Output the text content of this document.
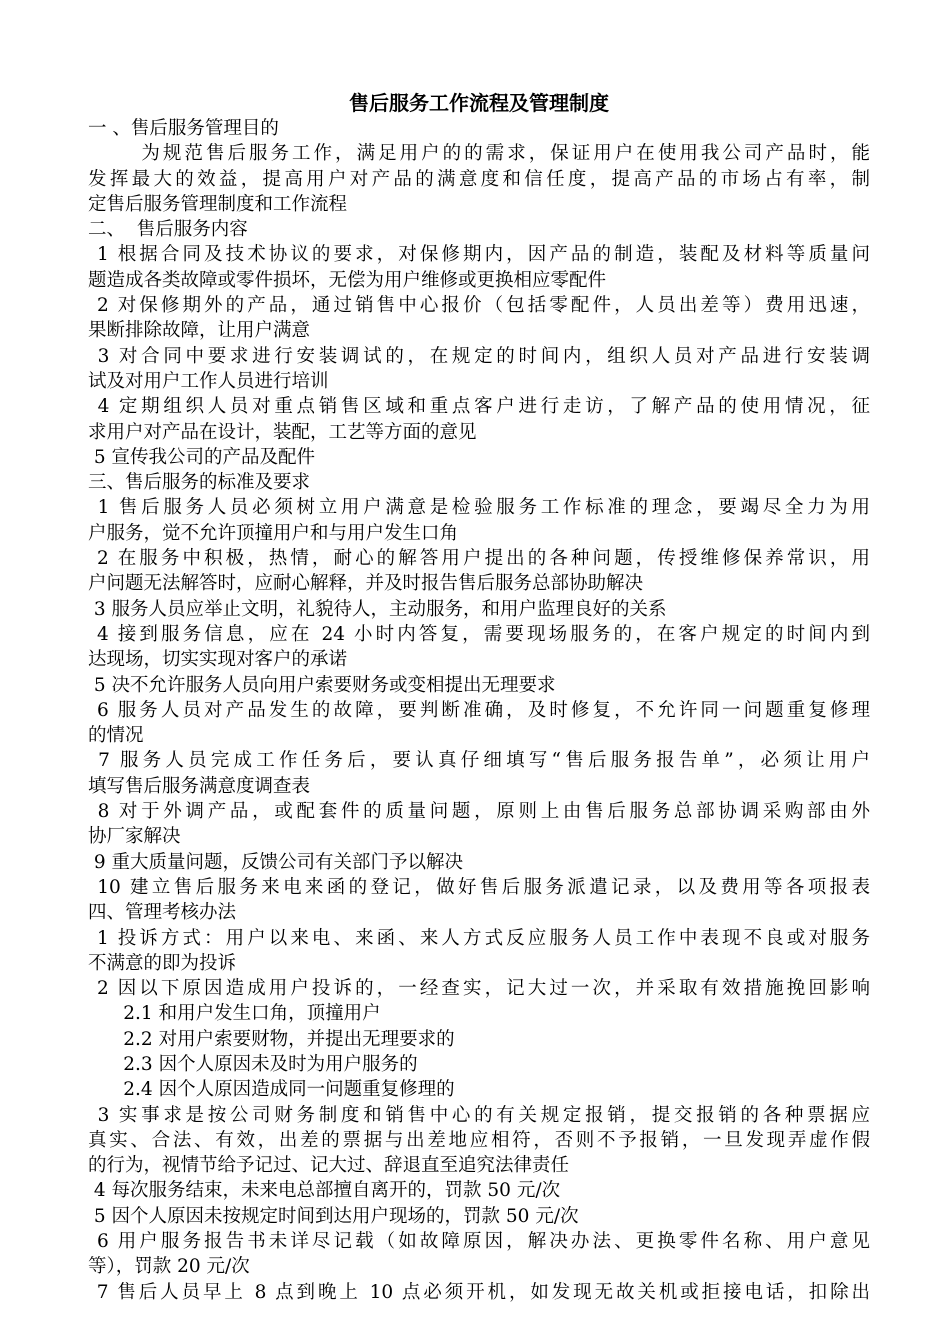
售后服务工作流程及管理制度
一 、售后服务管理目的
为规范售后服务工作，满足用户的的需求，保证用户在使用我公司产品时，能
发挥最大的效益，提高用户对产品的满意度和信任度，提高产品的市场占有率，制
定售后服务管理制度和工作流程
二、  售后服务内容
1 根据合同及技术协议的要求，对保修期内，因产品的制造，装配及材料等质量问
题造成各类故障或零件损坏，无偿为用户维修或更换相应零配件
2 对保修期外的产品，通过销售中心报价（包括零配件，人员出差等）费用迅速，
果断排除故障，让用户满意
3 对合同中要求进行安装调试的，在规定的时间内，组织人员对产品进行安装调
试及对用户工作人员进行培训
4 定期组织人员对重点销售区域和重点客户进行走访，了解产品的使用情况，征
求用户对产品在设计，装配，工艺等方面的意见
5 宣传我公司的产品及配件
三、售后服务的标准及要求
1 售后服务人员必须树立用户满意是检验服务工作标准的理念，要竭尽全力为用
户服务，觉不允许顶撞用户和与用户发生口角
2 在服务中积极，热情，耐心的解答用户提出的各种问题，传授维修保养常识，用
户问题无法解答时，应耐心解释，并及时报告售后服务总部协助解决
3 服务人员应举止文明，礼貌待人，主动服务，和用户监理良好的关系
4 接到服务信息，应在 24 小时内答复，需要现场服务的，在客户规定的时间内到
达现场，切实实现对客户的承诺
5 决不允许服务人员向用户索要财务或变相提出无理要求
6 服务人员对产品发生的故障，要判断准确，及时修复，不允许同一问题重复修理
的情况
7 服务人员完成工作任务后，要认真仔细填写“售后服务报告单”，必须让用户
填写售后服务满意度调查表
8 对于外调产品，或配套件的质量问题，原则上由售后服务总部协调采购部由外
协厂家解决
9 重大质量问题，反馈公司有关部门予以解决
10 建立售后服务来电来函的登记，做好售后服务派遣记录，以及费用等各项报表
四、管理考核办法
1 投诉方式：用户以来电、来函、来人方式反应服务人员工作中表现不良或对服务
不满意的即为投诉
2 因以下原因造成用户投诉的，一经查实，记大过一次，并采取有效措施挽回影响
2.1 和用户发生口角，顶撞用户
2.2 对用户索要财物，并提出无理要求的
2.3 因个人原因未及时为用户服务的
2.4 因个人原因造成同一问题重复修理的
3 实事求是按公司财务制度和销售中心的有关规定报销，提交报销的各种票据应
真实、合法、有效，出差的票据与出差地应相符，否则不予报销，一旦发现弄虚作假
的行为，视情节给予记过、记大过、辞退直至追究法律责任
4 每次服务结束，未来电总部擅自离开的，罚款 50 元/次
5 因个人原因未按规定时间到达用户现场的，罚款 50 元/次
6 用户服务报告书未详尽记载（如故障原因，解决办法、更换零件名称、用户意见
等），罚款 20 元/次
7 售后人员早上 8 点到晚上 10 点必须开机，如发现无故关机或拒接电话，扣除出
